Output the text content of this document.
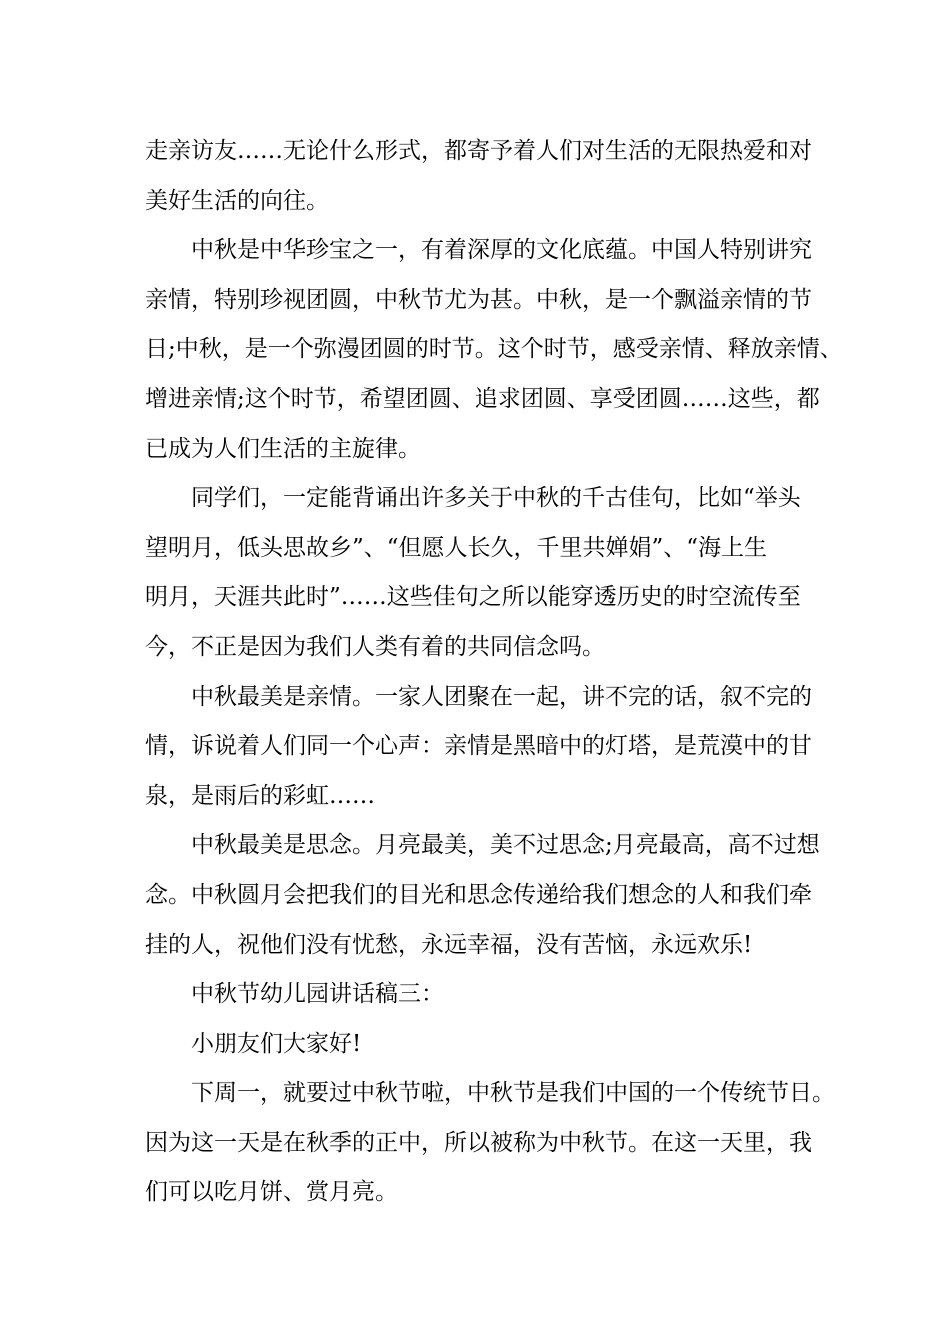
走亲访友……无论什么形式，都寄予着人们对生活的无限热爱和对
美好生活的向往。
中秋是中华珍宝之一，有着深厚的文化底蕴。中国人特别讲究
亲情，特别珍视团圆，中秋节尤为甚。中秋，是一个飘溢亲情的节
日;中秋，是一个弥漫团圆的时节。这个时节，感受亲情、释放亲情、
增进亲情;这个时节，希望团圆、追求团圆、享受团圆……这些，都
已成为人们生活的主旋律。
同学们，一定能背诵出许多关于中秋的千古佳句，比如“举头
望明月，低头思故乡”、“但愿人长久，千里共婵娟”、“海上生
明月，天涯共此时”……这些佳句之所以能穿透历史的时空流传至
今，不正是因为我们人类有着的共同信念吗。
中秋最美是亲情。一家人团聚在一起，讲不完的话，叙不完的
情，诉说着人们同一个心声：亲情是黑暗中的灯塔，是荒漠中的甘
泉，是雨后的彩虹……
中秋最美是思念。月亮最美，美不过思念;月亮最高，高不过想
念。中秋圆月会把我们的目光和思念传递给我们想念的人和我们牵
挂的人，祝他们没有忧愁，永远幸福，没有苦恼，永远欢乐!
中秋节幼儿园讲话稿三：
小朋友们大家好!
下周一，就要过中秋节啦，中秋节是我们中国的一个传统节日。
因为这一天是在秋季的正中，所以被称为中秋节。在这一天里，我
们可以吃月饼、赏月亮。
